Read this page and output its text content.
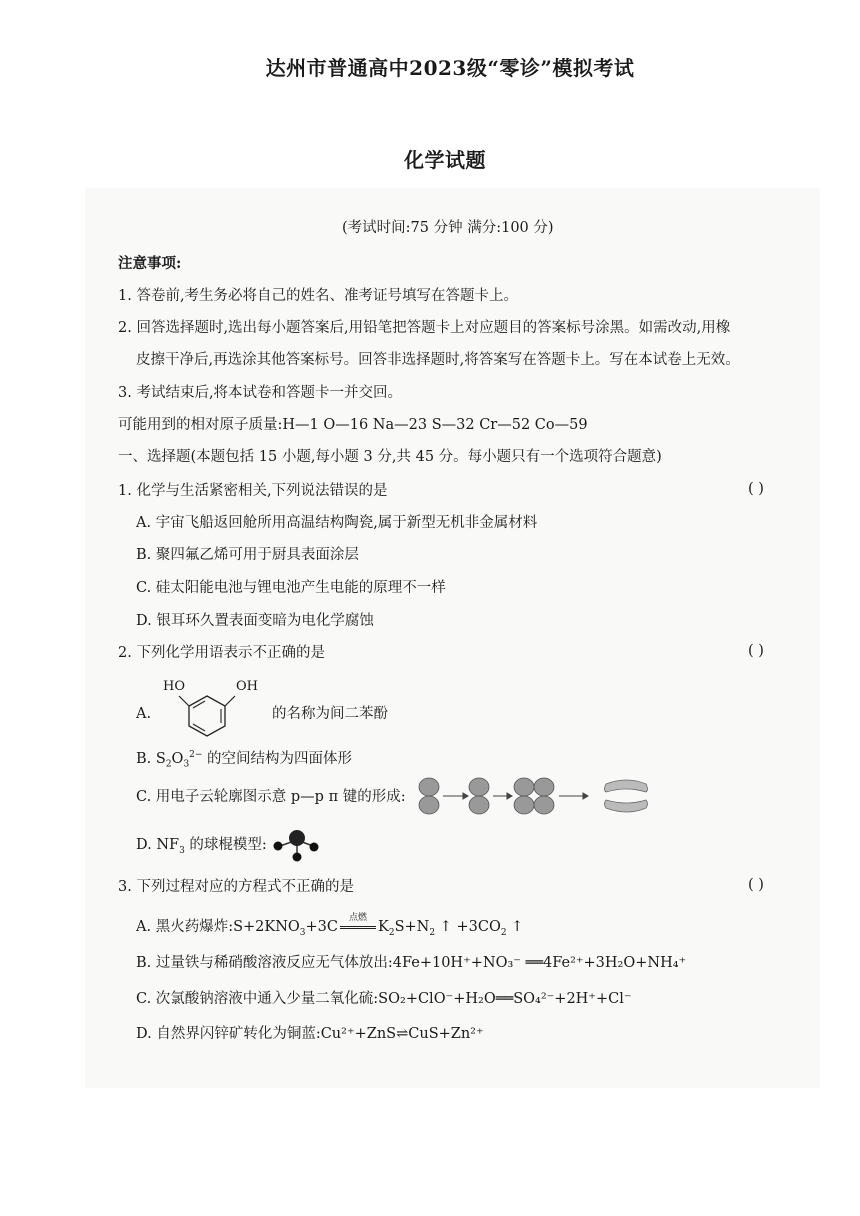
达州市普通高中2023级“零诊”模拟考试
化学试题
(考试时间:75 分钟 满分:100 分)
注意事项:
1. 答卷前,考生务必将自己的姓名、准考证号填写在答题卡上。
2. 回答选择题时,选出每小题答案后,用铅笔把答题卡上对应题目的答案标号涂黑。如需改动,用橡
皮擦干净后,再选涂其他答案标号。回答非选择题时,将答案写在答题卡上。写在本试卷上无效。
3. 考试结束后,将本试卷和答题卡一并交回。
可能用到的相对原子质量:H—1 O—16 Na—23 S—32 Cr—52 Co—59
一、选择题(本题包括 15 小题,每小题 3 分,共 45 分。每小题只有一个选项符合题意)
1. 化学与生活紧密相关,下列说法错误的是	( )
A. 宇宙飞船返回舱所用高温结构陶瓷,属于新型无机非金属材料
B. 聚四氟乙烯可用于厨具表面涂层
C. 硅太阳能电池与锂电池产生电能的原理不一样
D. 银耳环久置表面变暗为电化学腐蚀
2. 下列化学用语表示不正确的是	( )
A.
HO	OH
的名称为间二苯酚
B. $S_2O_3^{2-}$ 的空间结构为四面体形
C. 用电子云轮廓图示意 p—p π 键的形成:
D. $NF_3$ 的球棍模型:
3. 下列过程对应的方程式不正确的是	( )
A. 黑火药爆炸$:S+2KNO_3+3C$
点燃
$K_2S+N_2$ ↑ $+3CO_2$ ↑
B. 过量铁与稀硝酸溶液反应无气体放出:4Fe+10H⁺+NO₃⁻ ══4Fe²⁺+3H₂O+NH₄⁺
C. 次氯酸钠溶液中通入少量二氧化硫:SO₂+ClO⁻+H₂O══SO₄²⁻+2H⁺+Cl⁻
D. 自然界闪锌矿转化为铜蓝:Cu²⁺+ZnS⇌CuS+Zn²⁺
